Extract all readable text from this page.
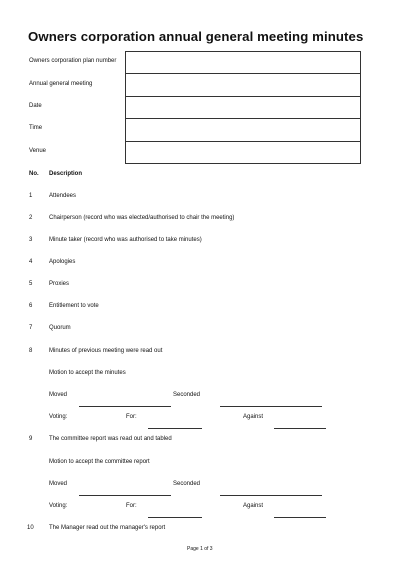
Owners corporation annual general meeting minutes
Owners corporation plan number	
Annual general meeting	
Date	
Time	
Venue	
No. Description
1	Attendees
2	Chairperson (record who was elected/authorised to chair the meeting)
3	Minute taker (record who was authorised to take minutes)
4	Apologies
5	Proxies
6	Entitlement to vote
7	Quorum
8	Minutes of previous meeting were read out
Motion to accept the minutes
Moved	Seconded
Voting:	For:	Against
9	The committee report was read out and tabled
Motion to accept the committee report
Moved	Seconded
Voting:	For:	Against
10	The Manager read out the manager's report
Page 1 of 3
